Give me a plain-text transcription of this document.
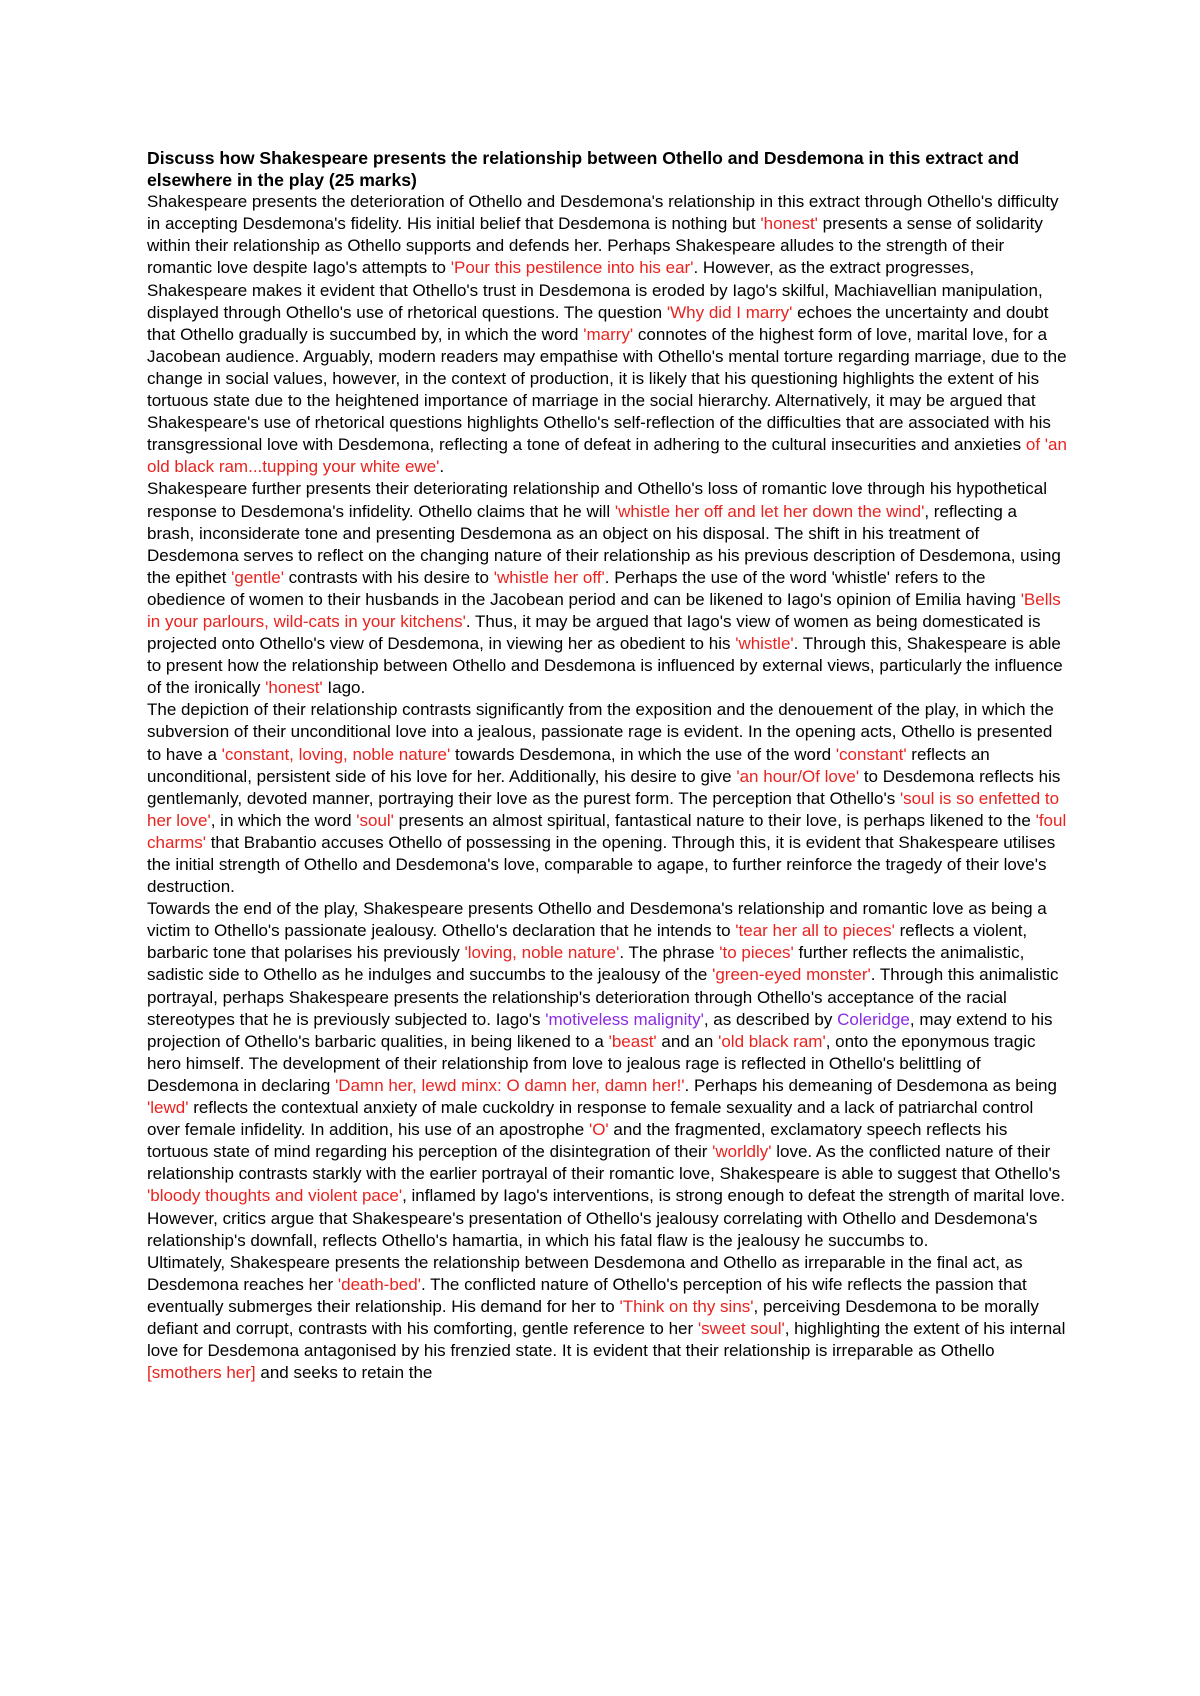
Discuss how Shakespeare presents the relationship between Othello and Desdemona in this extract and elsewhere in the play (25 marks)

Shakespeare presents the deterioration of Othello and Desdemona's relationship in this extract through Othello's difficulty in accepting Desdemona's fidelity. His initial belief that Desdemona is nothing but 'honest' presents a sense of solidarity within their relationship as Othello supports and defends her. Perhaps Shakespeare alludes to the strength of their romantic love despite Iago's attempts to 'Pour this pestilence into his ear'. However, as the extract progresses, Shakespeare makes it evident that Othello's trust in Desdemona is eroded by Iago's skilful, Machiavellian manipulation, displayed through Othello's use of rhetorical questions. The question 'Why did I marry' echoes the uncertainty and doubt that Othello gradually is succumbed by, in which the word 'marry' connotes of the highest form of love, marital love, for a Jacobean audience. Arguably, modern readers may empathise with Othello's mental torture regarding marriage, due to the change in social values, however, in the context of production, it is likely that his questioning highlights the extent of his tortuous state due to the heightened importance of marriage in the social hierarchy. Alternatively, it may be argued that Shakespeare's use of rhetorical questions highlights Othello's self-reflection of the difficulties that are associated with his transgressional love with Desdemona, reflecting a tone of defeat in adhering to the cultural insecurities and anxieties of 'an old black ram...tupping your white ewe'.

Shakespeare further presents their deteriorating relationship and Othello's loss of romantic love through his hypothetical response to Desdemona's infidelity. Othello claims that he will 'whistle her off and let her down the wind', reflecting a brash, inconsiderate tone and presenting Desdemona as an object on his disposal. The shift in his treatment of Desdemona serves to reflect on the changing nature of their relationship as his previous description of Desdemona, using the epithet 'gentle' contrasts with his desire to 'whistle her off'. Perhaps the use of the word 'whistle' refers to the obedience of women to their husbands in the Jacobean period and can be likened to Iago's opinion of Emilia having 'Bells in your parlours, wild-cats in your kitchens'. Thus, it may be argued that Iago's view of women as being domesticated is projected onto Othello's view of Desdemona, in viewing her as obedient to his 'whistle'. Through this, Shakespeare is able to present how the relationship between Othello and Desdemona is influenced by external views, particularly the influence of the ironically 'honest' Iago.

The depiction of their relationship contrasts significantly from the exposition and the denouement of the play, in which the subversion of their unconditional love into a jealous, passionate rage is evident. In the opening acts, Othello is presented to have a 'constant, loving, noble nature' towards Desdemona, in which the use of the word 'constant' reflects an unconditional, persistent side of his love for her. Additionally, his desire to give 'an hour/Of love' to Desdemona reflects his gentlemanly, devoted manner, portraying their love as the purest form. The perception that Othello's 'soul is so enfetted to her love', in which the word 'soul' presents an almost spiritual, fantastical nature to their love, is perhaps likened to the 'foul charms' that Brabantio accuses Othello of possessing in the opening. Through this, it is evident that Shakespeare utilises the initial strength of Othello and Desdemona's love, comparable to agape, to further reinforce the tragedy of their love's destruction.

Towards the end of the play, Shakespeare presents Othello and Desdemona's relationship and romantic love as being a victim to Othello's passionate jealousy. Othello's declaration that he intends to 'tear her all to pieces' reflects a violent, barbaric tone that polarises his previously 'loving, noble nature'. The phrase 'to pieces' further reflects the animalistic, sadistic side to Othello as he indulges and succumbs to the jealousy of the 'green-eyed monster'. Through this animalistic portrayal, perhaps Shakespeare presents the relationship's deterioration through Othello's acceptance of the racial stereotypes that he is previously subjected to. Iago's 'motiveless malignity', as described by Coleridge, may extend to his projection of Othello's barbaric qualities, in being likened to a 'beast' and an 'old black ram', onto the eponymous tragic hero himself. The development of their relationship from love to jealous rage is reflected in Othello's belittling of Desdemona in declaring 'Damn her, lewd minx: O damn her, damn her!'. Perhaps his demeaning of Desdemona as being 'lewd' reflects the contextual anxiety of male cuckoldry in response to female sexuality and a lack of patriarchal control over female infidelity. In addition, his use of an apostrophe 'O' and the fragmented, exclamatory speech reflects his tortuous state of mind regarding his perception of the disintegration of their 'worldly' love. As the conflicted nature of their relationship contrasts starkly with the earlier portrayal of their romantic love, Shakespeare is able to suggest that Othello's 'bloody thoughts and violent pace', inflamed by Iago's interventions, is strong enough to defeat the strength of marital love. However, critics argue that Shakespeare's presentation of Othello's jealousy correlating with Othello and Desdemona's relationship's downfall, reflects Othello's hamartia, in which his fatal flaw is the jealousy he succumbs to.

Ultimately, Shakespeare presents the relationship between Desdemona and Othello as irreparable in the final act, as Desdemona reaches her 'death-bed'. The conflicted nature of Othello's perception of his wife reflects the passion that eventually submerges their relationship. His demand for her to 'Think on thy sins', perceiving Desdemona to be morally defiant and corrupt, contrasts with his comforting, gentle reference to her 'sweet soul', highlighting the extent of his internal love for Desdemona antagonised by his frenzied state. It is evident that their relationship is irreparable as Othello [smothers her] and seeks to retain the
